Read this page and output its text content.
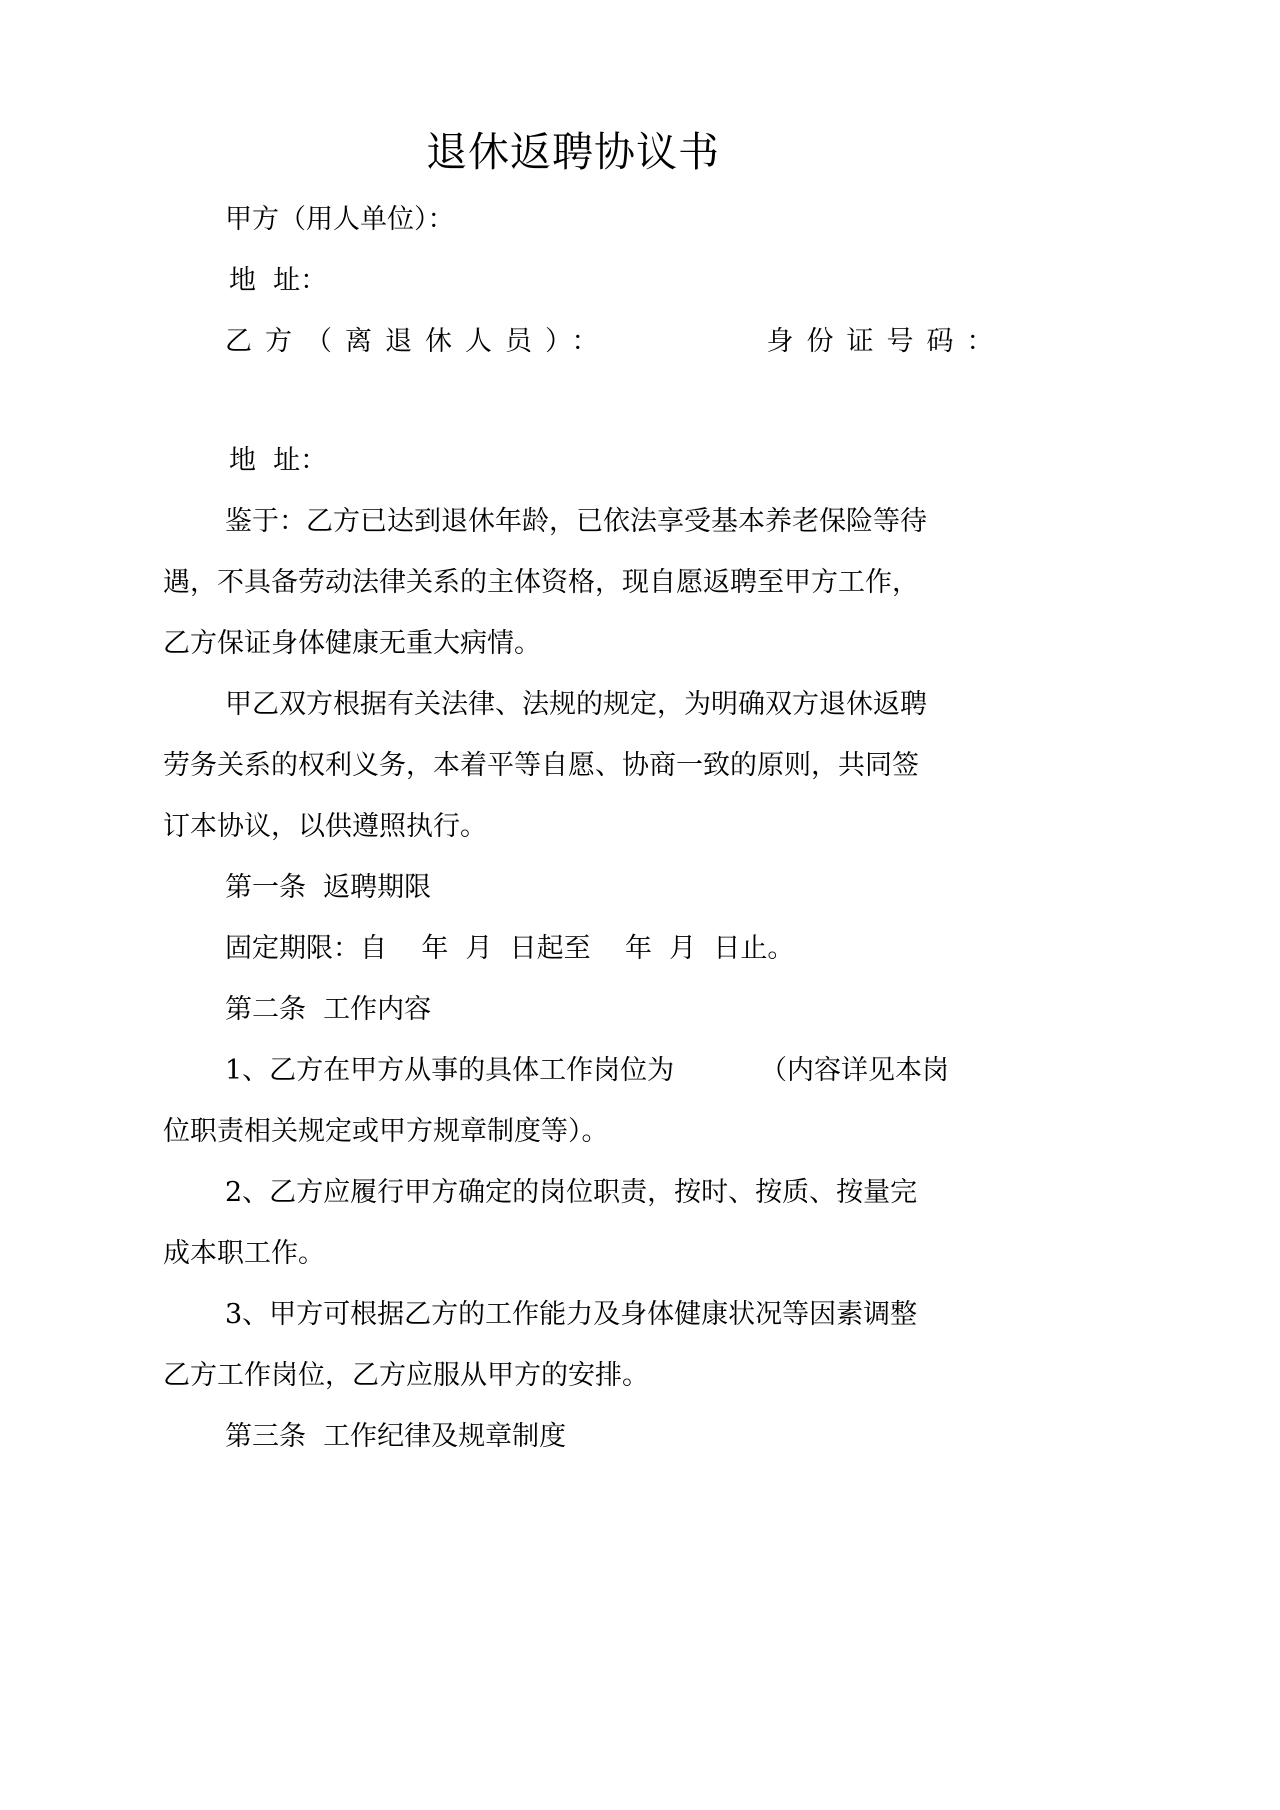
退休返聘协议书
甲方（用人单位）：
地  址：
乙方（离退休人员）：	身份证号码：
地  址：

鉴于：乙方已达到退休年龄，已依法享受基本养老保险等待
遇，不具备劳动法律关系的主体资格，现自愿返聘至甲方工作，
乙方保证身体健康无重大病情。

甲乙双方根据有关法律、法规的规定，为明确双方退休返聘
劳务关系的权利义务，本着平等自愿、协商一致的原则，共同签
订本协议，以供遵照执行。

第一条  返聘期限
固定期限：自    年  月  日起至    年  月  日止。
第二条  工作内容

1、乙方在甲方从事的具体工作岗位为          （内容详见本岗
位职责相关规定或甲方规章制度等）。

2、乙方应履行甲方确定的岗位职责，按时、按质、按量完
成本职工作。

3、甲方可根据乙方的工作能力及身体健康状况等因素调整
乙方工作岗位，乙方应服从甲方的安排。

第三条  工作纪律及规章制度
